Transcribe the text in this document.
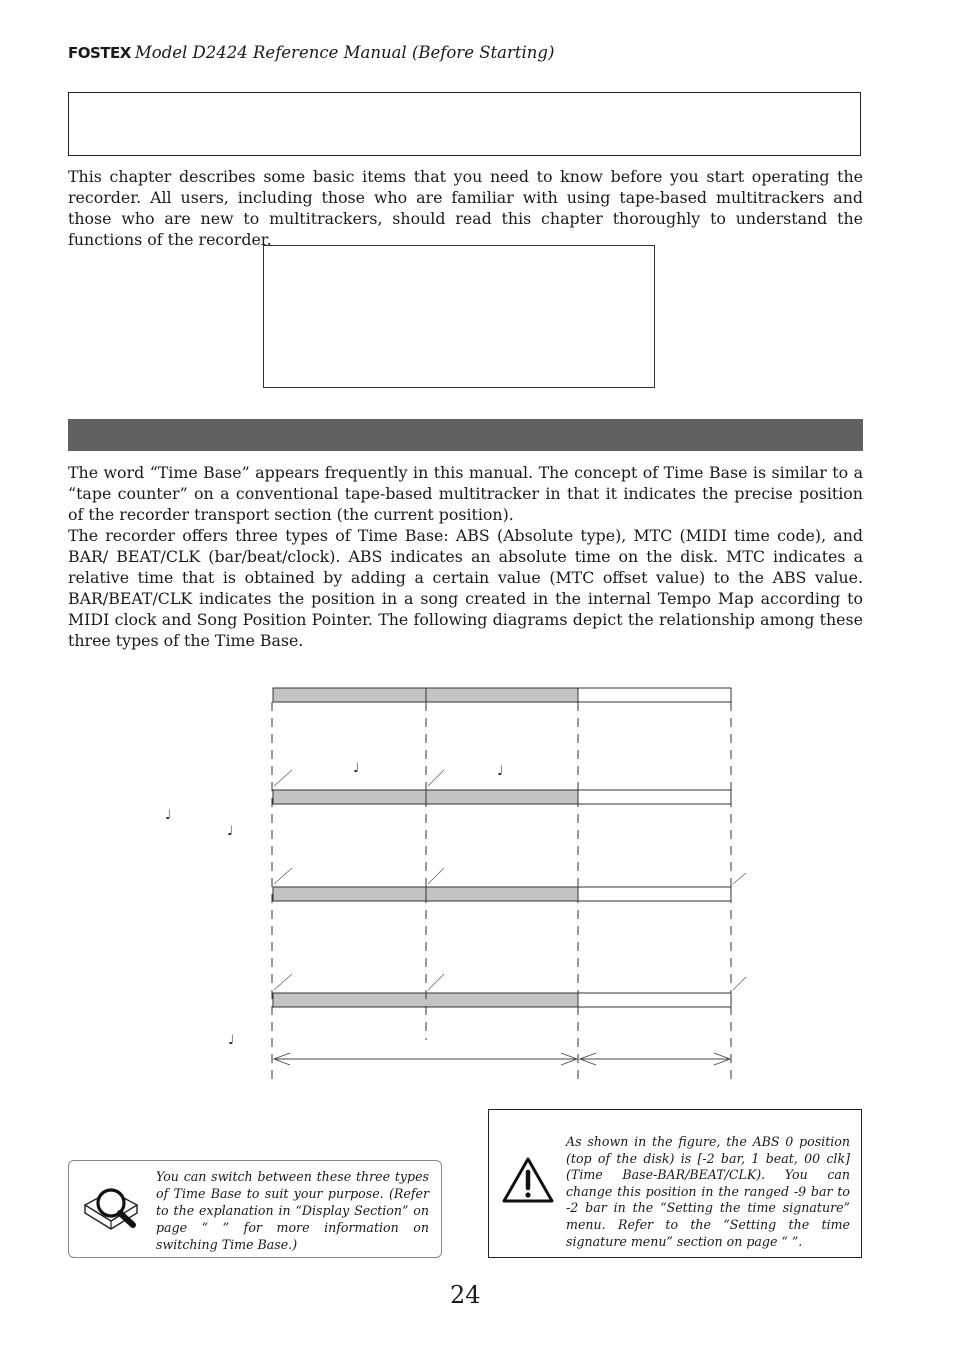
FOSTEX Model D2424 Reference Manual (Before Starting)

This chapter describes some basic items that you need to know before you start operating the recorder. All users, including those who are familiar with using tape-based multitrackers and those who are new to multitrackers, should read this chapter thoroughly to understand the functions of the recorder.

The word “Time Base” appears frequently in this manual. The concept of Time Base is similar to a “tape counter” on a conventional tape-based multitracker in that it indicates the precise position of the recorder transport section (the current position).

The recorder offers three types of Time Base: ABS (Absolute type), MTC (MIDI time code), and BAR/ BEAT/CLK (bar/beat/clock). ABS indicates an absolute time on the disk. MTC indicates a relative time that is obtained by adding a certain value (MTC offset value) to the ABS value. BAR/BEAT/CLK indicates the position in a song created in the internal Tempo Map according to MIDI clock and Song Position Pointer. The following diagrams depict the relationship among these three types of the Time Base.

♩	♩
♩
♩
♩
You can switch between these three types of Time Base to suit your purpose. (Refer to the explanation in “Display Section” on page “ ” for more information on switching Time Base.)
As shown in the figure, the ABS 0 position (top of the disk) is [-2 bar, 1 beat, 00 clk] (Time Base-BAR/BEAT/CLK). You can change this position in the ranged -9 bar to -2 bar in the “Setting the time signature” menu. Refer to the “Setting the time signature menu” section on page “ ”.
24
